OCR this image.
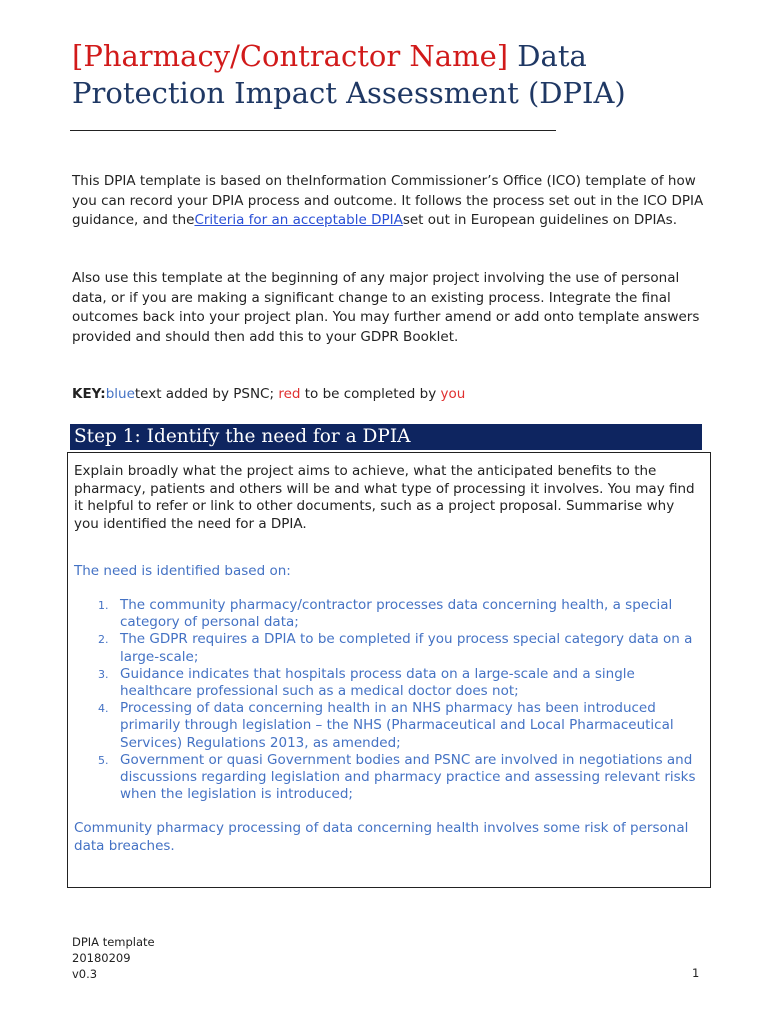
[Pharmacy/Contractor Name] Data
Protection Impact Assessment (DPIA)

This DPIA template is based on theInformation Commissioner’s Office (ICO) template of how you can record your DPIA process and outcome. It follows the process set out in the ICO DPIA guidance, and theCriteria for an acceptable DPIAset out in European guidelines on DPIAs.

Also use this template at the beginning of any major project involving the use of personal data, or if you are making a significant change to an existing process. Integrate the final outcomes back into your project plan. You may further amend or add onto template answers provided and should then add this to your GDPR Booklet.

KEY:bluetext added by PSNC; red to be completed by you

Step 1: Identify the need for a DPIA

Explain broadly what the project aims to achieve, what the anticipated benefits to the pharmacy, patients and others will be and what type of processing it involves. You may find it helpful to refer or link to other documents, such as a project proposal. Summarise why you identified the need for a DPIA.

The need is identified based on:

1. The community pharmacy/contractor processes data concerning health, a special category of personal data;
2. The GDPR requires a DPIA to be completed if you process special category data on a large-scale;
3. Guidance indicates that hospitals process data on a large-scale and a single healthcare professional such as a medical doctor does not;
4. Processing of data concerning health in an NHS pharmacy has been introduced primarily through legislation – the NHS (Pharmaceutical and Local Pharmaceutical Services) Regulations 2013, as amended;
5. Government or quasi Government bodies and PSNC are involved in negotiations and discussions regarding legislation and pharmacy practice and assessing relevant risks when the legislation is introduced;

Community pharmacy processing of data concerning health involves some risk of personal data breaches.

DPIA template
20180209
v0.3	1
